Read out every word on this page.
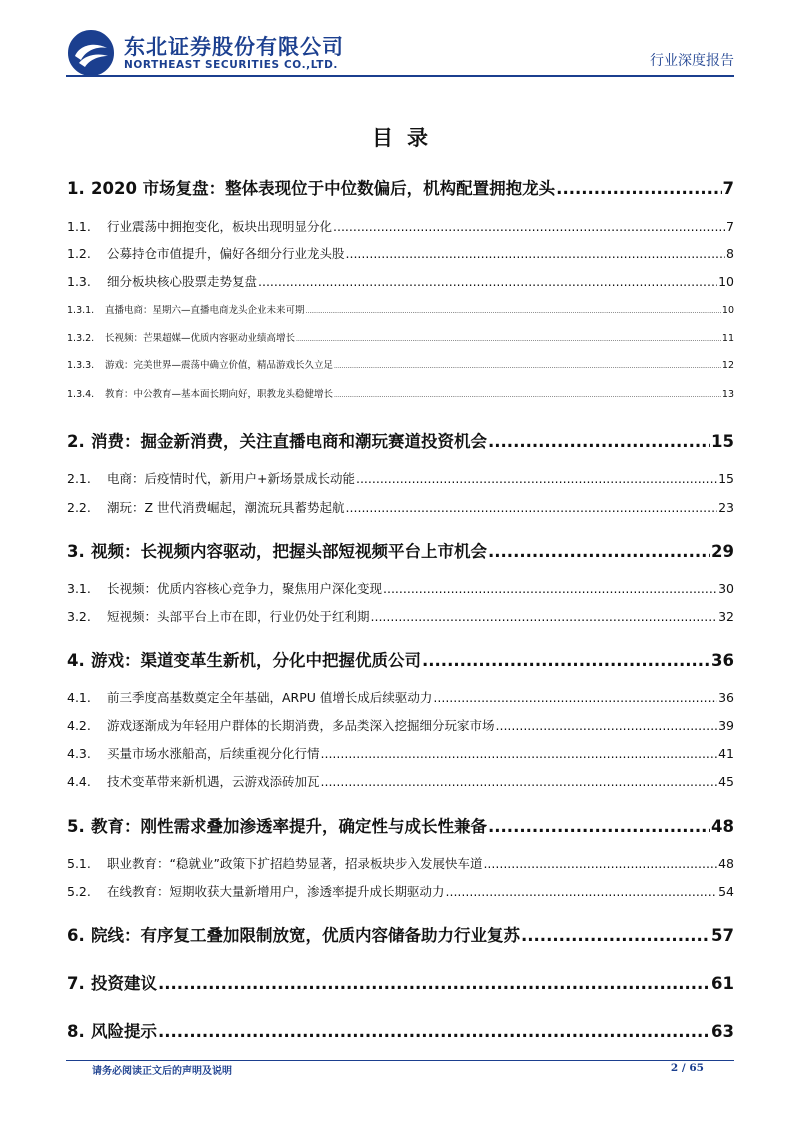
东北证券股份有限公司
NORTHEAST SECURITIES CO.,LTD.	行业深度报告
目录
1. 2020 市场复盘：整体表现位于中位数偏后，机构配置拥抱龙头 .....	7
1.1.	行业震荡中拥抱变化，板块出现明显分化 .....	7
1.2.	公募持仓市值提升，偏好各细分行业龙头股 .....	8
1.3.	细分板块核心股票走势复盘 .....	10
1.3.1.	直播电商：星期六—直播电商龙头企业未来可期 .....	10
1.3.2.	长视频：芒果超媒—优质内容驱动业绩高增长 .....	11
1.3.3.	游戏：完美世界—震荡中确立价值，精品游戏长久立足 .....	12
1.3.4.	教育：中公教育—基本面长期向好，职教龙头稳健增长 .....	13
2. 消费：掘金新消费，关注直播电商和潮玩赛道投资机会 .....	15
2.1.	电商：后疫情时代，新用户+新场景成长动能 .....	15
2.2.	潮玩：Z 世代消费崛起，潮流玩具蓄势起航 .....	23
3. 视频：长视频内容驱动，把握头部短视频平台上市机会 .....	29
3.1.	长视频：优质内容核心竞争力，聚焦用户深化变现 .....	30
3.2.	短视频：头部平台上市在即，行业仍处于红利期 .....	32
4. 游戏：渠道变革生新机，分化中把握优质公司 .....	36
4.1.	前三季度高基数奠定全年基础，ARPU 值增长成后续驱动力 .....	36
4.2.	游戏逐渐成为年轻用户群体的长期消费，多品类深入挖掘细分玩家市场 .....	39
4.3.	买量市场水涨船高，后续重视分化行情 .....	41
4.4.	技术变革带来新机遇，云游戏添砖加瓦 .....	45
5. 教育：刚性需求叠加渗透率提升，确定性与成长性兼备 .....	48
5.1.	职业教育：“稳就业”政策下扩招趋势显著，招录板块步入发展快车道 .....	48
5.2.	在线教育：短期收获大量新增用户，渗透率提升成长期驱动力 .....	54
6. 院线：有序复工叠加限制放宽，优质内容储备助力行业复苏 .....	57
7. 投资建议 .....	61
8. 风险提示 .....	63
请务必阅读正文后的声明及说明	2 / 65
